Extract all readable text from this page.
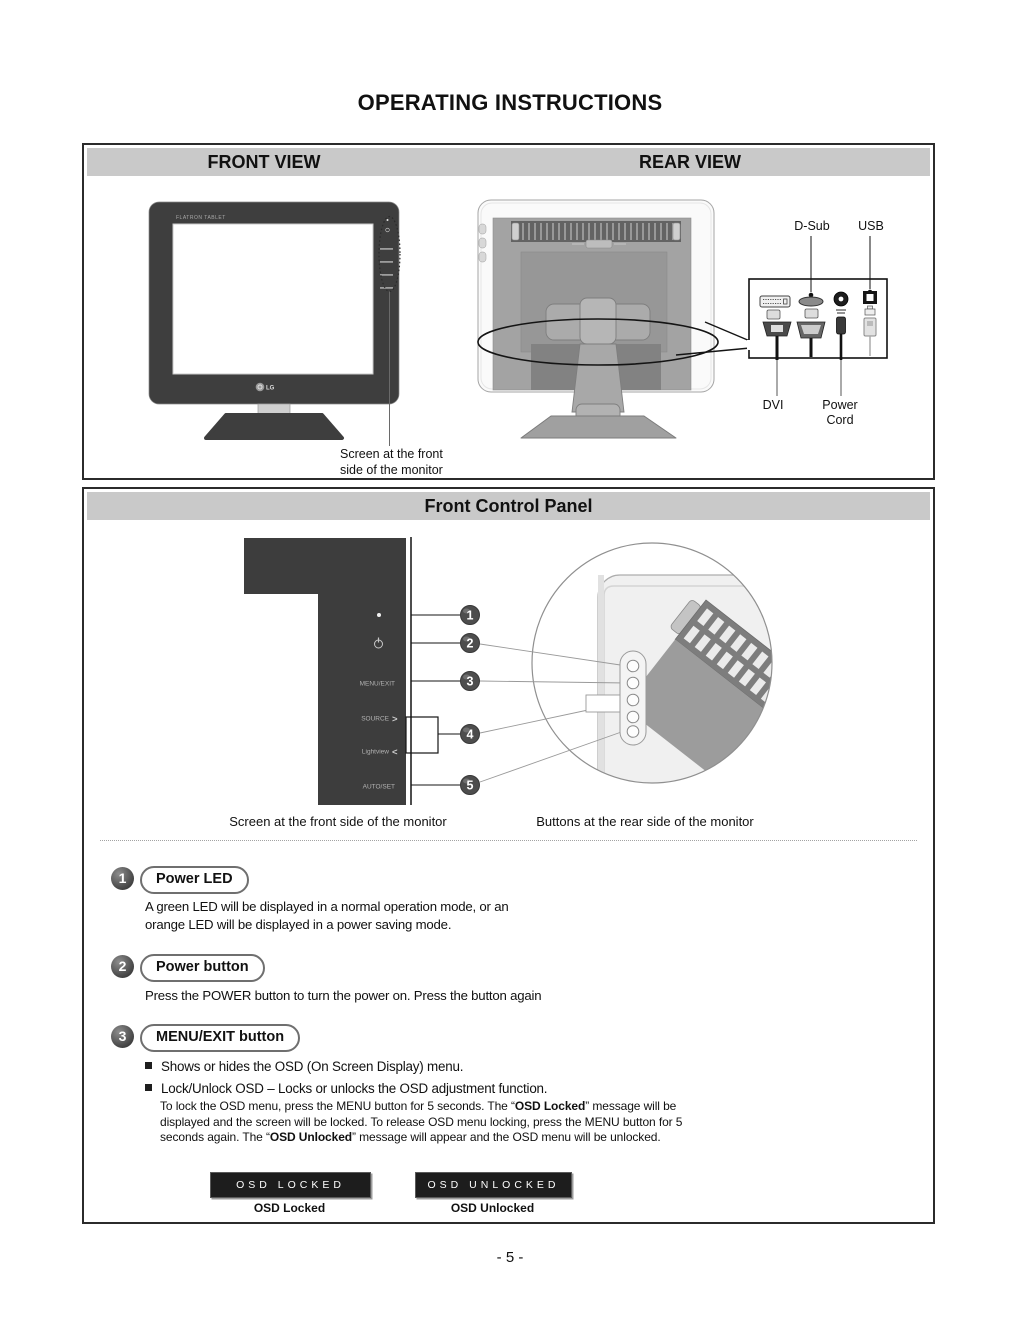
OPERATING INSTRUCTIONS
FRONT VIEW	REAR VIEW
FLATRON TABLET
LG
D-Sub	USB
DVI	Power
Cord
Screen at the front
side of the monitor
Front Control Panel
MENU/EXIT
SOURCE >
Lightview <
AUTO/SET
1
2
3
4
5
Screen at the front side of the monitor	Buttons at the rear side of the monitor
1	Power LED
A green LED will be displayed in a normal operation mode, or an
orange LED will be displayed in a power saving mode.
2	Power button
Press the POWER button to turn the power on. Press the button again
3	MENU/EXIT button
Shows or hides the OSD (On Screen Display) menu.
Lock/Unlock OSD – Locks or unlocks the OSD adjustment function.
To lock the OSD menu, press the MENU button for 5 seconds. The “OSD Locked” message will be displayed and the screen will be locked. To release OSD menu locking, press the MENU button for 5 seconds again. The “OSD Unlocked” message will appear and the OSD menu will be unlocked.
OSD LOCKED	OSD UNLOCKED
OSD Locked	OSD Unlocked
- 5 -
